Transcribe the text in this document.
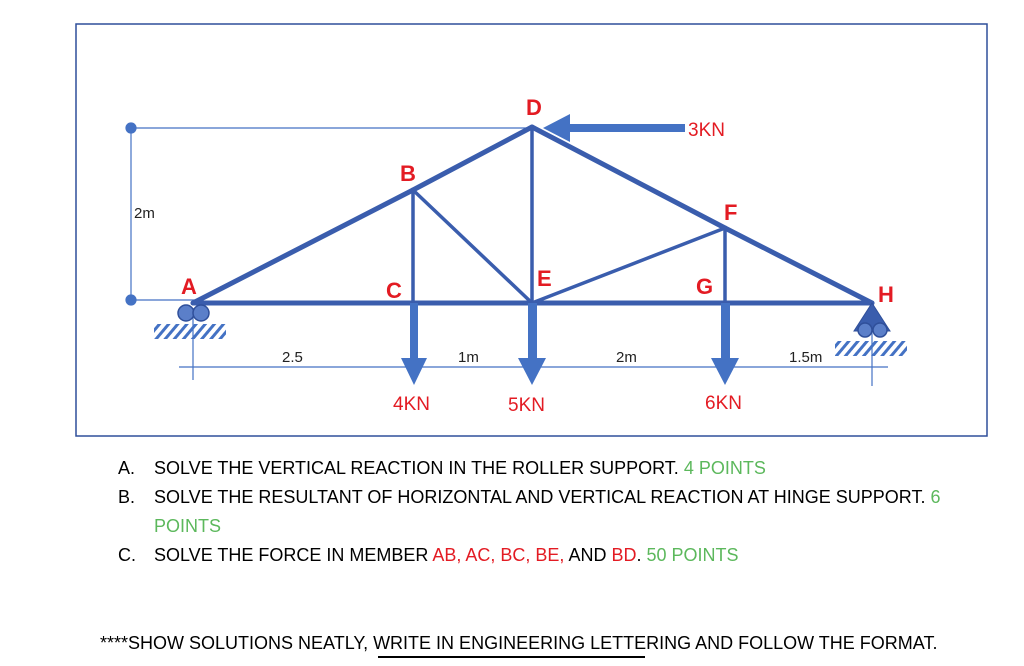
2m
2.5	1m	2m	1.5m
A
B
C
D
E
F
G	H
3KN
4KN	5KN	6KN
A. SOLVE THE VERTICAL REACTION IN THE ROLLER SUPPORT. 4 POINTS
B. SOLVE THE RESULTANT OF HORIZONTAL AND VERTICAL REACTION AT HINGE SUPPORT. 6 POINTS
C. SOLVE THE FORCE IN MEMBER AB, AC, BC, BE, AND BD. 50 POINTS
****SHOW SOLUTIONS NEATLY, WRITE IN ENGINEERING LETTERING AND FOLLOW THE FORMAT.
